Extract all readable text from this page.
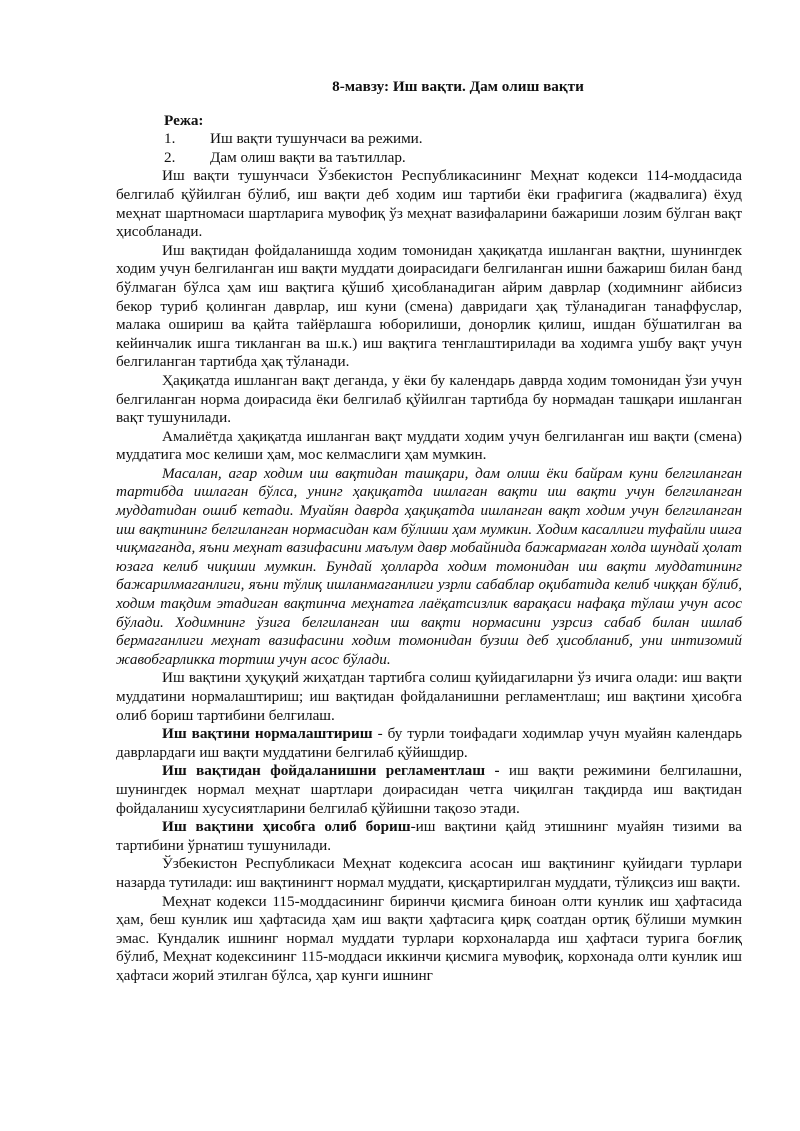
8-мавзу: Иш вақти. Дам олиш вақти
Режа:
1. Иш вақти тушунчаси ва режими.
2. Дам олиш вақти ва таътиллар.

Иш вақти тушунчаси Ўзбекистон Республикасининг Меҳнат кодекси 114-моддасида белгилаб қўйилган бўлиб, иш вақти деб ходим иш тартиби ёки графигига (жадвалига) ёхуд меҳнат шартномаси шартларига мувофиқ ўз меҳнат вазифаларини бажариши лозим бўлган вақт ҳисобланади.

Иш вақтидан фойдаланишда ходим томонидан ҳақиқатда ишланган вақтни, шунингдек ходим учун белгиланган иш вақти муддати доирасидаги белгиланган ишни бажариш билан банд бўлмаган бўлса ҳам иш вақтига қўшиб ҳисобланадиган айрим даврлар (ходимнинг айбисиз бекор туриб қолинган даврлар, иш куни (смена) давридаги ҳақ тўланадиган танаффуслар, малака ошириш ва қайта тайёрлашга юборилиши, донорлик қилиш, ишдан бўшатилган ва кейинчалик ишга тикланган ва ш.к.) иш вақтига тенглаштирилади ва ходимга ушбу вақт учун белгиланган тартибда ҳақ тўланади.

Ҳақиқатда ишланган вақт деганда, у ёки бу календарь даврда ходим томонидан ўзи учун белгиланган норма доирасида ёки белгилаб қўйилган тартибда бу нормадан ташқари ишланган вақт тушунилади.

Амалиётда ҳақиқатда ишланган вақт муддати ходим учун белгиланган иш вақти (смена) муддатига мос келиши ҳам, мос келмаслиги ҳам мумкин.

Масалан, агар ходим иш вақтидан ташқари, дам олиш ёки байрам куни белгиланган тартибда ишлаган бўлса, унинг ҳақиқатда ишлаган вақти иш вақти учун белгиланган муддатидан ошиб кетади. Муайян даврда ҳақиқатда ишланган вақт ходим учун белгиланган иш вақтининг белгиланган нормасидан кам бўлиши ҳам мумкин. Ходим касаллиги туфайли ишга чиқмаганда, яъни меҳнат вазифасини маълум давр мобайнида бажармаган холда шундай ҳолат юзага келиб чиқиши мумкин. Бундай ҳолларда ходим томонидан иш вақти муддатининг бажарилмаганлиги, яъни тўлиқ ишланмаганлиги узрли сабаблар оқибатида келиб чиққан бўлиб, ходим тақдим этадиган вақтинча меҳнатга лаёқатсизлик варақаси нафақа тўлаш учун асос бўлади. Ходимнинг ўзига белгиланган иш вақти нормасини узрсиз сабаб билан ишлаб бермаганлиги меҳнат вазифасини ходим томонидан бузиш деб ҳисобланиб, уни интизомий жавобгарликка тортиш учун асос бўлади.

Иш вақтини ҳуқуқий жиҳатдан тартибга солиш қуйидагиларни ўз ичига олади: иш вақти муддатини нормалаштириш; иш вақтидан фойдаланишни регламентлаш; иш вақтини ҳисобга олиб бориш тартибини белгилаш.

Иш вақтини нормалаштириш - бу турли тоифадаги ходимлар учун муайян календарь даврлардаги иш вақти муддатини белгилаб қўйишдир.

Иш вақтидан фойдаланишни регламентлаш - иш вақти режимини белгилашни, шунингдек нормал меҳнат шартлари доирасидан четга чиқилган тақдирда иш вақтидан фойдаланиш хусусиятларини белгилаб қўйишни тақозо этади.

Иш вақтини ҳисобга олиб бориш-иш вақтини қайд этишнинг муайян тизими ва тартибини ўрнатиш тушунилади.

Ўзбекистон Республикаси Меҳнат кодексига асосан иш вақтининг қуйидаги турлари назарда тутилади: иш вақтинингт нормал муддати, қисқартирилган муддати, тўлиқсиз иш вақти.

Меҳнат кодекси 115-моддасининг биринчи қисмига биноан олти кунлик иш ҳафтасида ҳам, беш кунлик иш ҳафтасида ҳам иш вақти ҳафтасига қирқ соатдан ортиқ бўлиши мумкин эмас. Кундалик ишнинг нормал муддати турлари корхоналарда иш ҳафтаси турига боғлиқ бўлиб, Меҳнат кодексининг 115-моддаси иккинчи қисмига мувофиқ, корхонада олти кунлик иш ҳафтаси жорий этилган бўлса, ҳар кунги ишнинг
